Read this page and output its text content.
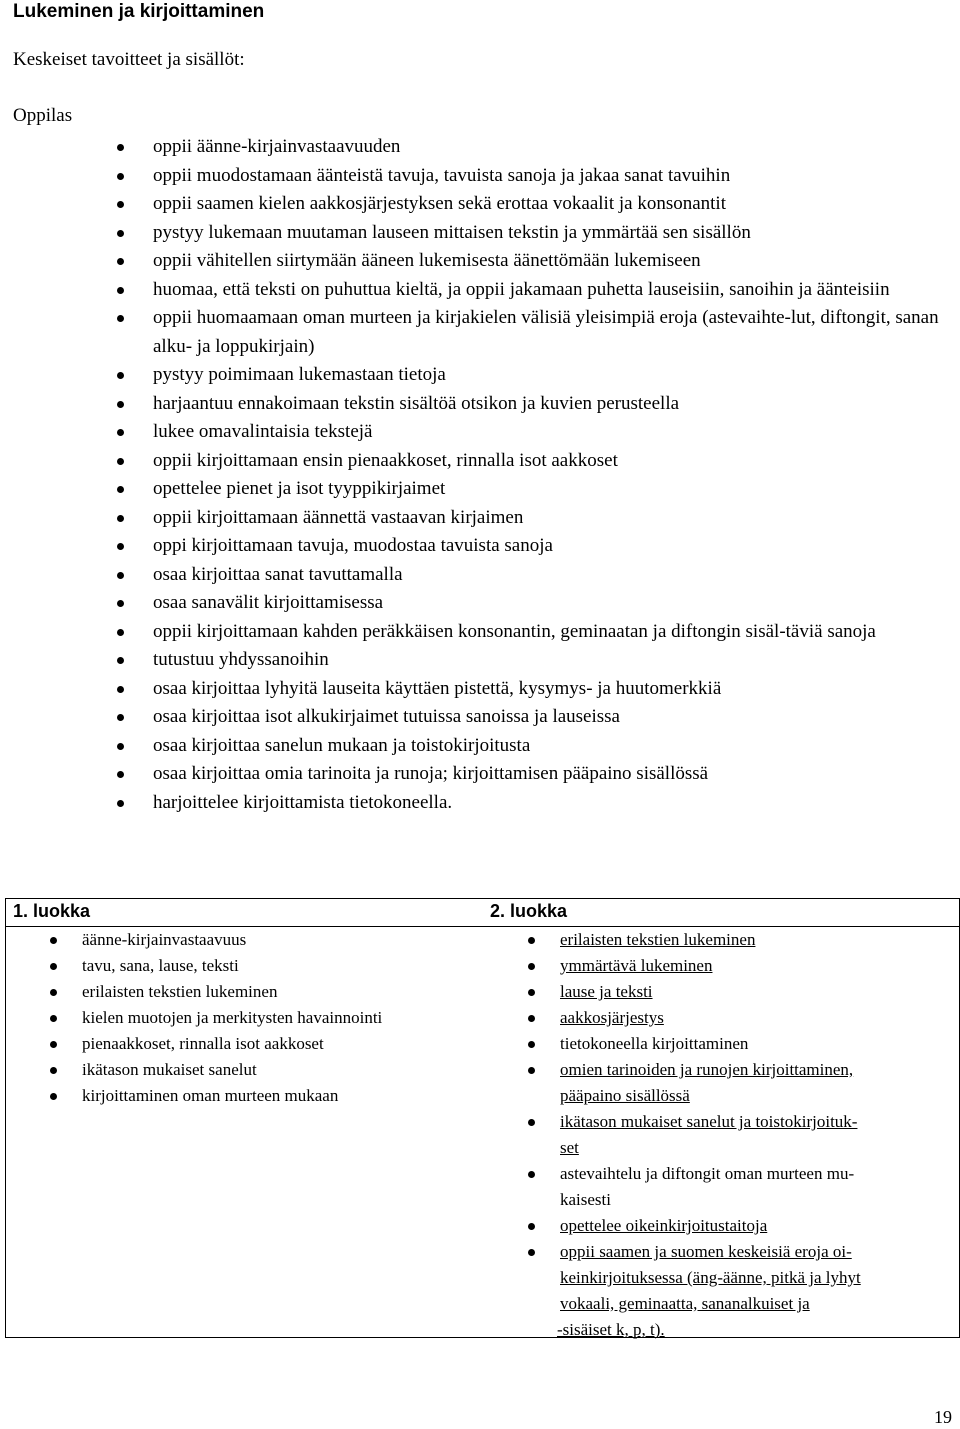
Lukeminen ja kirjoittaminen
Keskeiset tavoitteet ja sisällöt:
Oppilas
oppii äänne-kirjainvastaavuuden
oppii muodostamaan äänteistä tavuja, tavuista sanoja ja jakaa sanat tavuihin
oppii saamen kielen aakkosjärjestyksen sekä erottaa vokaalit ja konsonantit
pystyy lukemaan muutaman lauseen mittaisen tekstin ja ymmärtää sen sisällön
oppii vähitellen siirtymään ääneen lukemisesta äänettömään lukemiseen
huomaa, että teksti on puhuttua kieltä, ja oppii jakamaan puhetta lauseisiin, sanoihin ja äänteisiin
oppii huomaamaan oman murteen ja kirjakielen välisiä yleisimpiä eroja (astevaihte-lut, diftongit, sanan alku- ja loppukirjain)
pystyy poimimaan lukemastaan tietoja
harjaantuu ennakoimaan tekstin sisältöä otsikon ja kuvien perusteella
lukee omavalintaisia tekstejä
oppii kirjoittamaan ensin pienaakkoset, rinnalla isot aakkoset
opettelee pienet ja isot tyyppikirjaimet
oppii kirjoittamaan äännettä vastaavan kirjaimen
oppi kirjoittamaan tavuja, muodostaa tavuista sanoja
osaa kirjoittaa sanat tavuttamalla
osaa sanavälit kirjoittamisessa
oppii kirjoittamaan kahden peräkkäisen konsonantin, geminaatan ja diftongin sisäl-täviä sanoja
tutustuu yhdyssanoihin
osaa kirjoittaa lyhyitä lauseita käyttäen pistettä, kysymys- ja huutomerkkiä
osaa kirjoittaa isot alkukirjaimet tutuissa sanoissa ja lauseissa
osaa kirjoittaa sanelun mukaan ja toistokirjoitusta
osaa kirjoittaa omia tarinoita ja runoja; kirjoittamisen pääpaino sisällössä
harjoittelee kirjoittamista tietokoneella.
1. luokka	2. luokka
äänne-kirjainvastaavuus
tavu, sana, lause, teksti
erilaisten tekstien lukeminen
kielen muotojen ja merkitysten havainnointi
pienaakkoset, rinnalla isot aakkoset
ikätason mukaiset sanelut
kirjoittaminen oman murteen mukaan
erilaisten tekstien lukeminen
ymmärtävä lukeminen
lause ja teksti
aakkosjärjestys
tietokoneella kirjoittaminen
omien tarinoiden ja runojen kirjoittaminen,
pääpaino sisällössä
ikätason mukaiset sanelut ja toistokirjoituk-
set
astevaihtelu ja diftongit oman murteen mu-
kaisesti
opettelee oikeinkirjoitustaitoja
oppii saamen ja suomen keskeisiä eroja oi-
keinkirjoituksessa (äng-äänne, pitkä ja lyhyt
vokaali, geminaatta, sananalkuiset ja
-sisäiset k, p, t).
19
